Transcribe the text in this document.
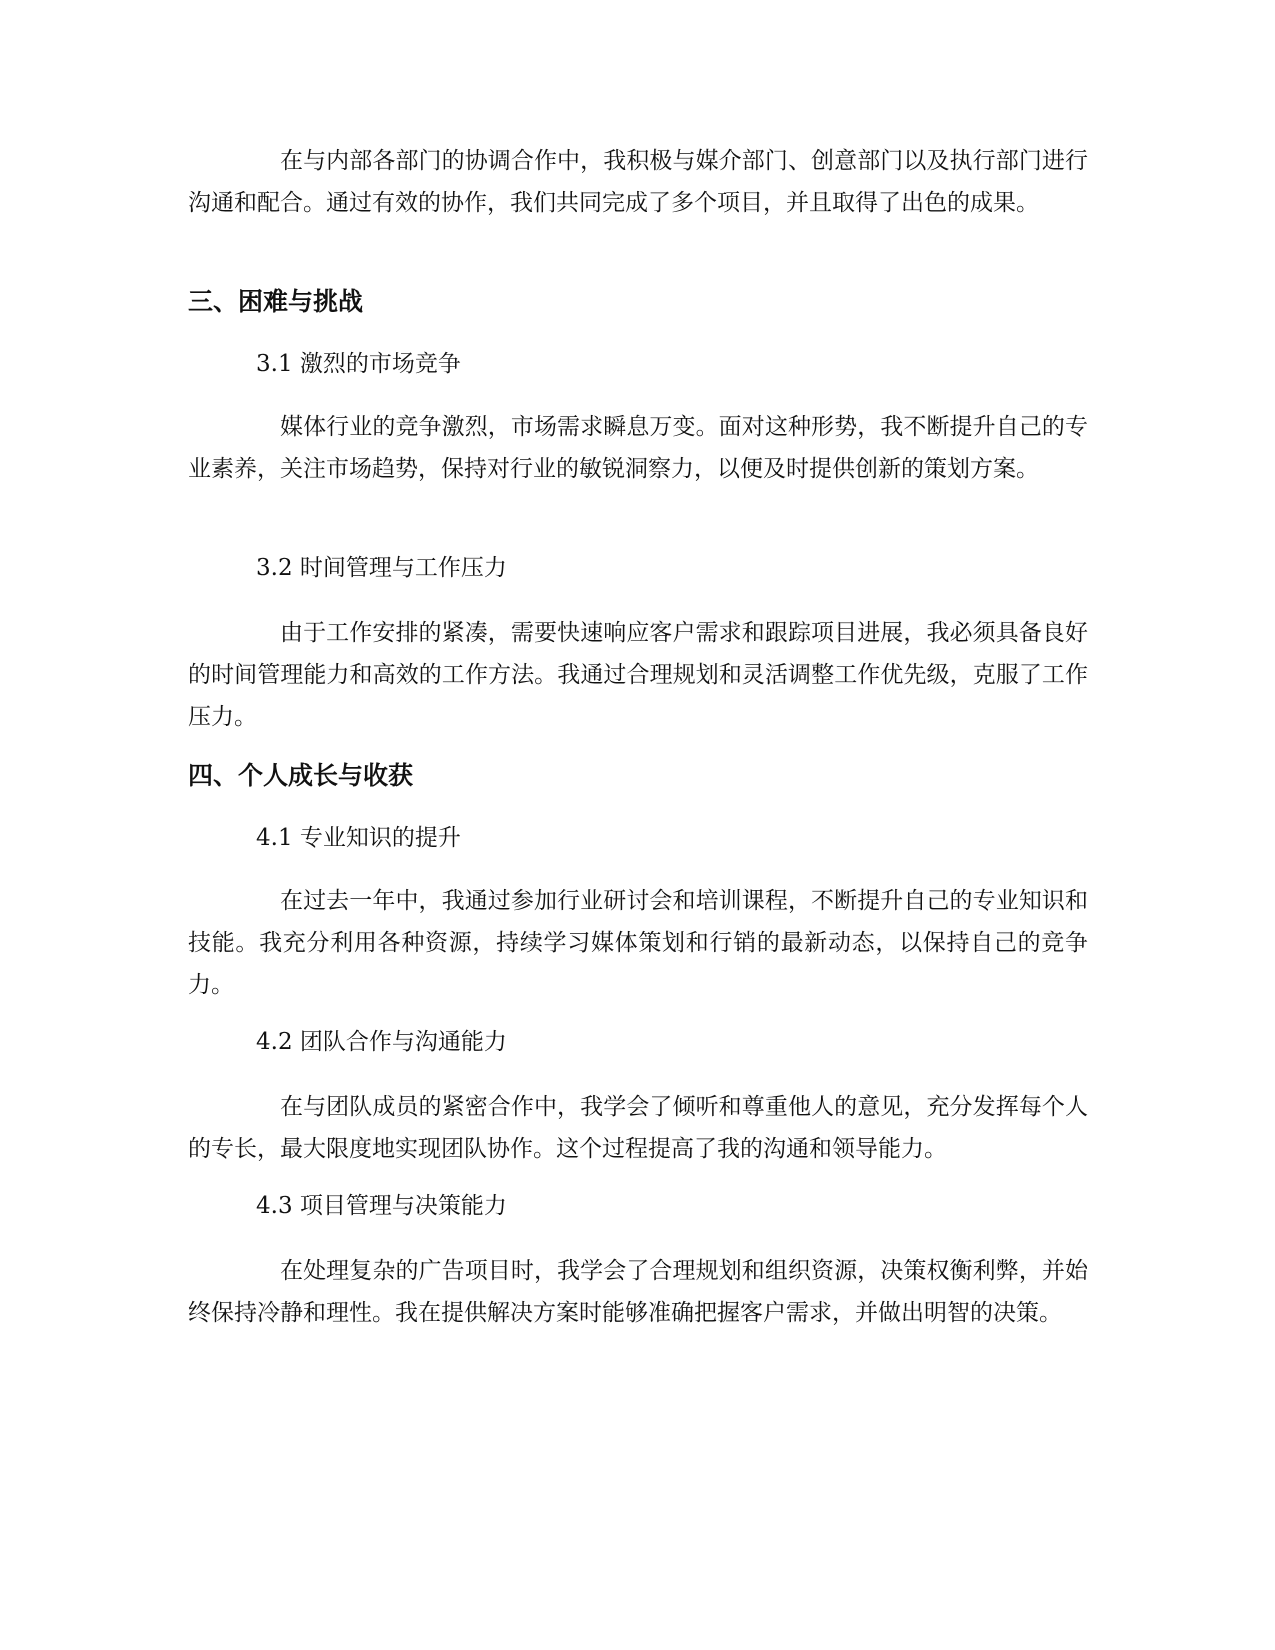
在与内部各部门的协调合作中，我积极与媒介部门、创意部门以及执行部门进行沟通和配合。通过有效的协作，我们共同完成了多个项目，并且取得了出色的成果。

三、困难与挑战

3.1 激烈的市场竞争

媒体行业的竞争激烈，市场需求瞬息万变。面对这种形势，我不断提升自己的专业素养，关注市场趋势，保持对行业的敏锐洞察力，以便及时提供创新的策划方案。

3.2 时间管理与工作压力

由于工作安排的紧凑，需要快速响应客户需求和跟踪项目进展，我必须具备良好的时间管理能力和高效的工作方法。我通过合理规划和灵活调整工作优先级，克服了工作压力。

四、个人成长与收获

4.1 专业知识的提升

在过去一年中，我通过参加行业研讨会和培训课程，不断提升自己的专业知识和技能。我充分利用各种资源，持续学习媒体策划和行销的最新动态，以保持自己的竞争力。

4.2 团队合作与沟通能力

在与团队成员的紧密合作中，我学会了倾听和尊重他人的意见，充分发挥每个人的专长，最大限度地实现团队协作。这个过程提高了我的沟通和领导能力。

4.3 项目管理与决策能力

在处理复杂的广告项目时，我学会了合理规划和组织资源，决策权衡利弊，并始终保持冷静和理性。我在提供解决方案时能够准确把握客户需求，并做出明智的决策。
